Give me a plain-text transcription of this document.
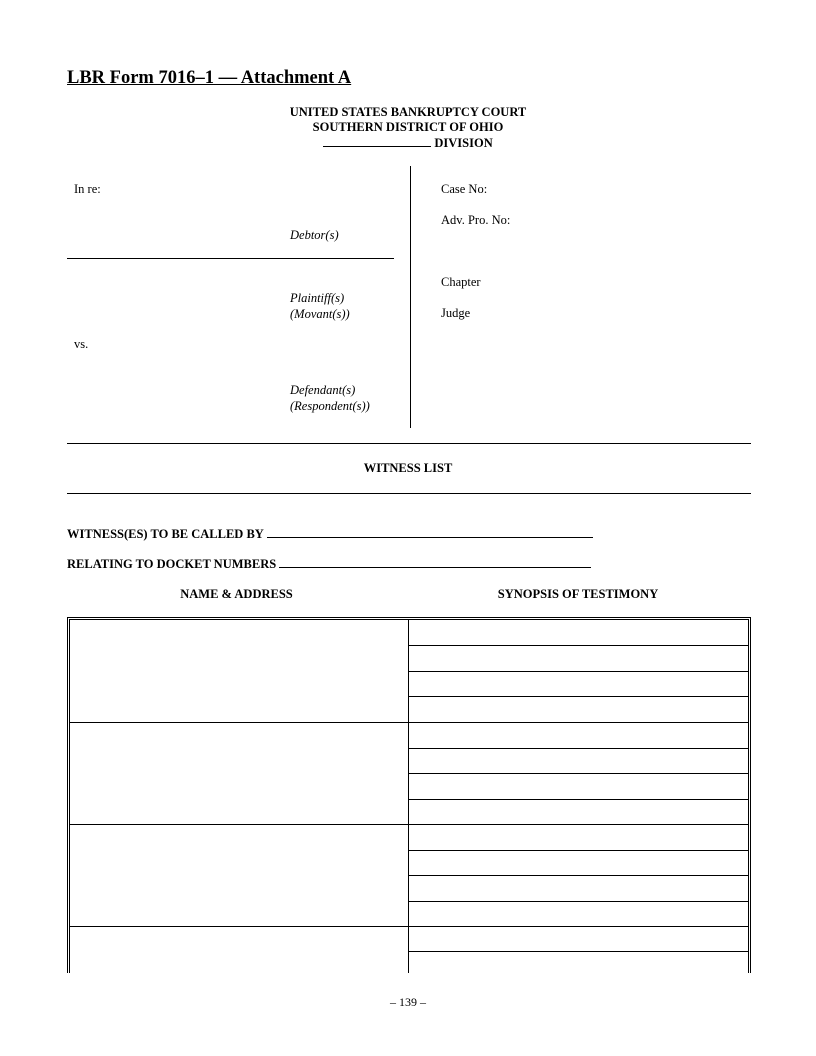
LBR Form 7016–1 — Attachment A
UNITED STATES BANKRUPTCY COURT
SOUTHERN DISTRICT OF OHIO
DIVISION
In re:
Debtor(s)
Plaintiff(s)
(Movant(s))
vs.
Defendant(s)
(Respondent(s))
Case No:
Adv. Pro. No:
Chapter
Judge
WITNESS LIST
WITNESS(ES) TO BE CALLED BY
RELATING TO DOCKET NUMBERS
NAME & ADDRESS	SYNOPSIS OF TESTIMONY
– 139 –
